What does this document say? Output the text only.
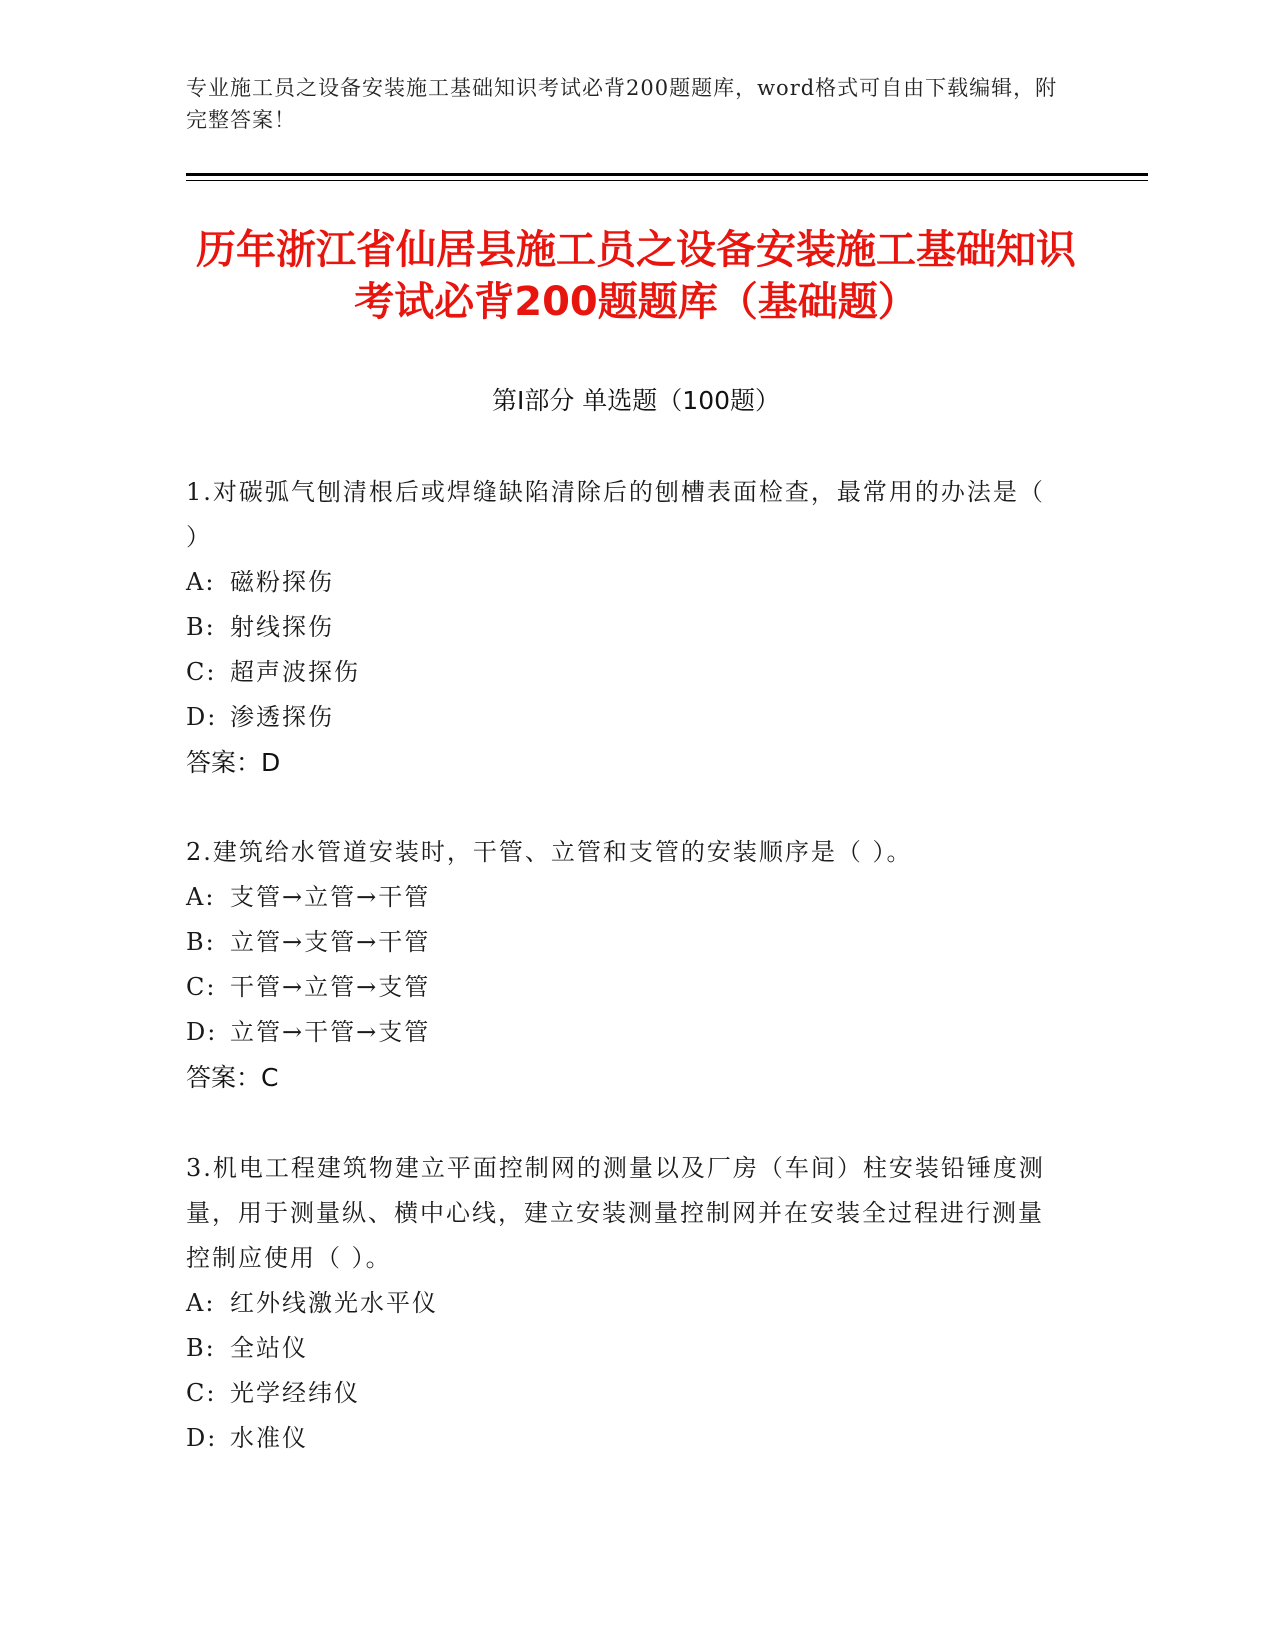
专业施工员之设备安装施工基础知识考试必背200题题库，word格式可自由下载编辑，附完整答案！
历年浙江省仙居县施工员之设备安装施工基础知识考试必背200题题库（基础题）
第Ⅰ部分 单选题（100题）
1.对碳弧气刨清根后或焊缝缺陷清除后的刨槽表面检查，最常用的办法是（ ）
A: 磁粉探伤
B: 射线探伤
C: 超声波探伤
D: 渗透探伤
答案：D
2.建筑给水管道安装时，干管、立管和支管的安装顺序是（ ）。
A: 支管→立管→干管
B: 立管→支管→干管
C: 干管→立管→支管
D: 立管→干管→支管
答案：C
3.机电工程建筑物建立平面控制网的测量以及厂房（车间）柱安装铅锤度测量，用于测量纵、横中心线，建立安装测量控制网并在安装全过程进行测量控制应使用（ ）。
A: 红外线激光水平仪
B: 全站仪
C: 光学经纬仪
D: 水准仪
